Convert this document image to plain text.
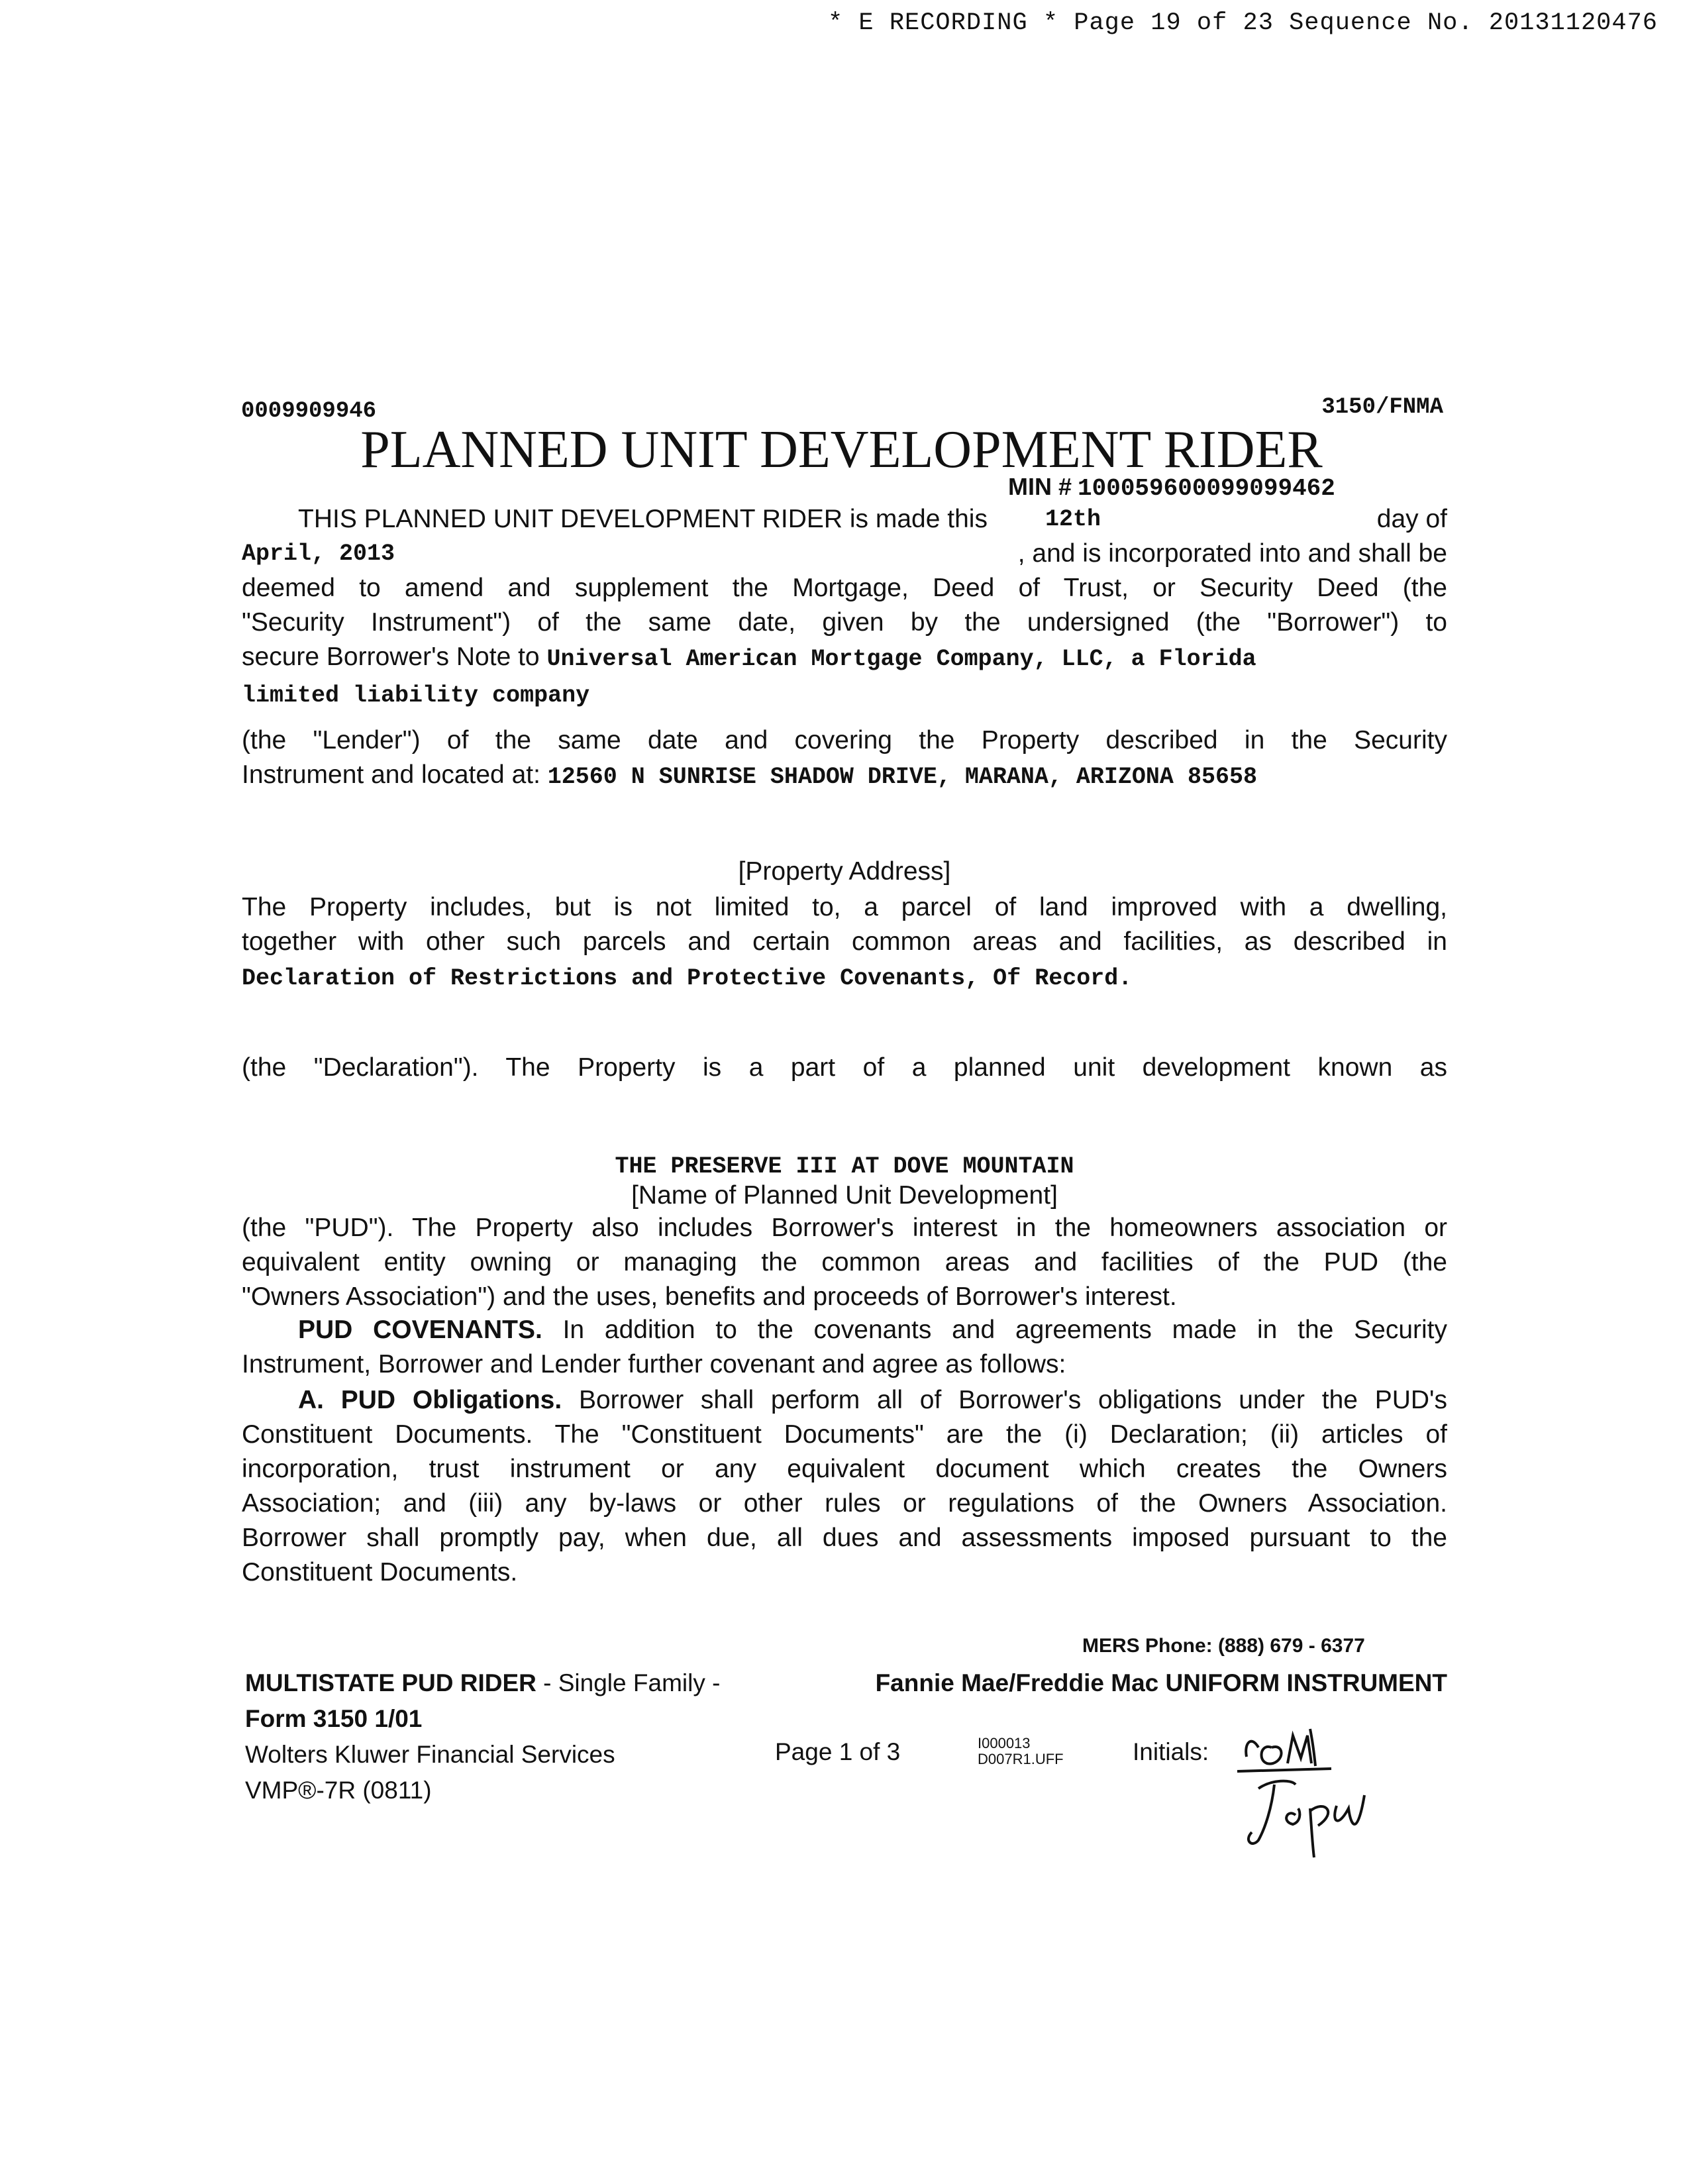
* E RECORDING * Page 19 of 23 Sequence No. 20131120476
0009909946	3150/FNMA
PLANNED UNIT DEVELOPMENT RIDER
MIN # 100059600099099462

THIS PLANNED UNIT DEVELOPMENT RIDER is made this 12th	day of

April, 2013	, and is incorporated into and shall be

deemed to amend and supplement the Mortgage, Deed of Trust, or Security Deed (the

"Security Instrument") of the same date, given by the undersigned (the "Borrower") to

secure Borrower's Note to Universal American Mortgage Company, LLC, a Florida

limited liability company

(the "Lender") of the same date and covering the Property described in the Security

Instrument and located at: 12560 N SUNRISE SHADOW DRIVE, MARANA, ARIZONA 85658

[Property Address]

The Property includes, but is not limited to, a parcel of land improved with a dwelling,

together with other such parcels and certain common areas and facilities, as described in

Declaration of Restrictions and Protective Covenants, Of Record.

(the "Declaration"). The Property is a part of a planned unit development known as

THE PRESERVE III AT DOVE MOUNTAIN

[Name of Planned Unit Development]

(the "PUD"). The Property also includes Borrower's interest in the homeowners association or

equivalent entity owning or managing the common areas and facilities of the PUD (the

"Owners Association") and the uses, benefits and proceeds of Borrower's interest.

PUD COVENANTS. In addition to the covenants and agreements made in the Security

Instrument, Borrower and Lender further covenant and agree as follows:

A. PUD Obligations. Borrower shall perform all of Borrower's obligations under the PUD's

Constituent Documents. The "Constituent Documents" are the (i) Declaration; (ii) articles of

incorporation, trust instrument or any equivalent document which creates the Owners

Association; and (iii) any by-laws or other rules or regulations of the Owners Association.

Borrower shall promptly pay, when due, all dues and assessments imposed pursuant to the

Constituent Documents.

MERS Phone: (888) 679 - 6377
MULTISTATE PUD RIDER - Single Family -	Fannie Mae/Freddie Mac UNIFORM INSTRUMENT
Form 3150 1/01
Wolters Kluwer Financial Services	Page 1 of 3	I000013
D007R1.UFF	Initials:
VMP®-7R (0811)
